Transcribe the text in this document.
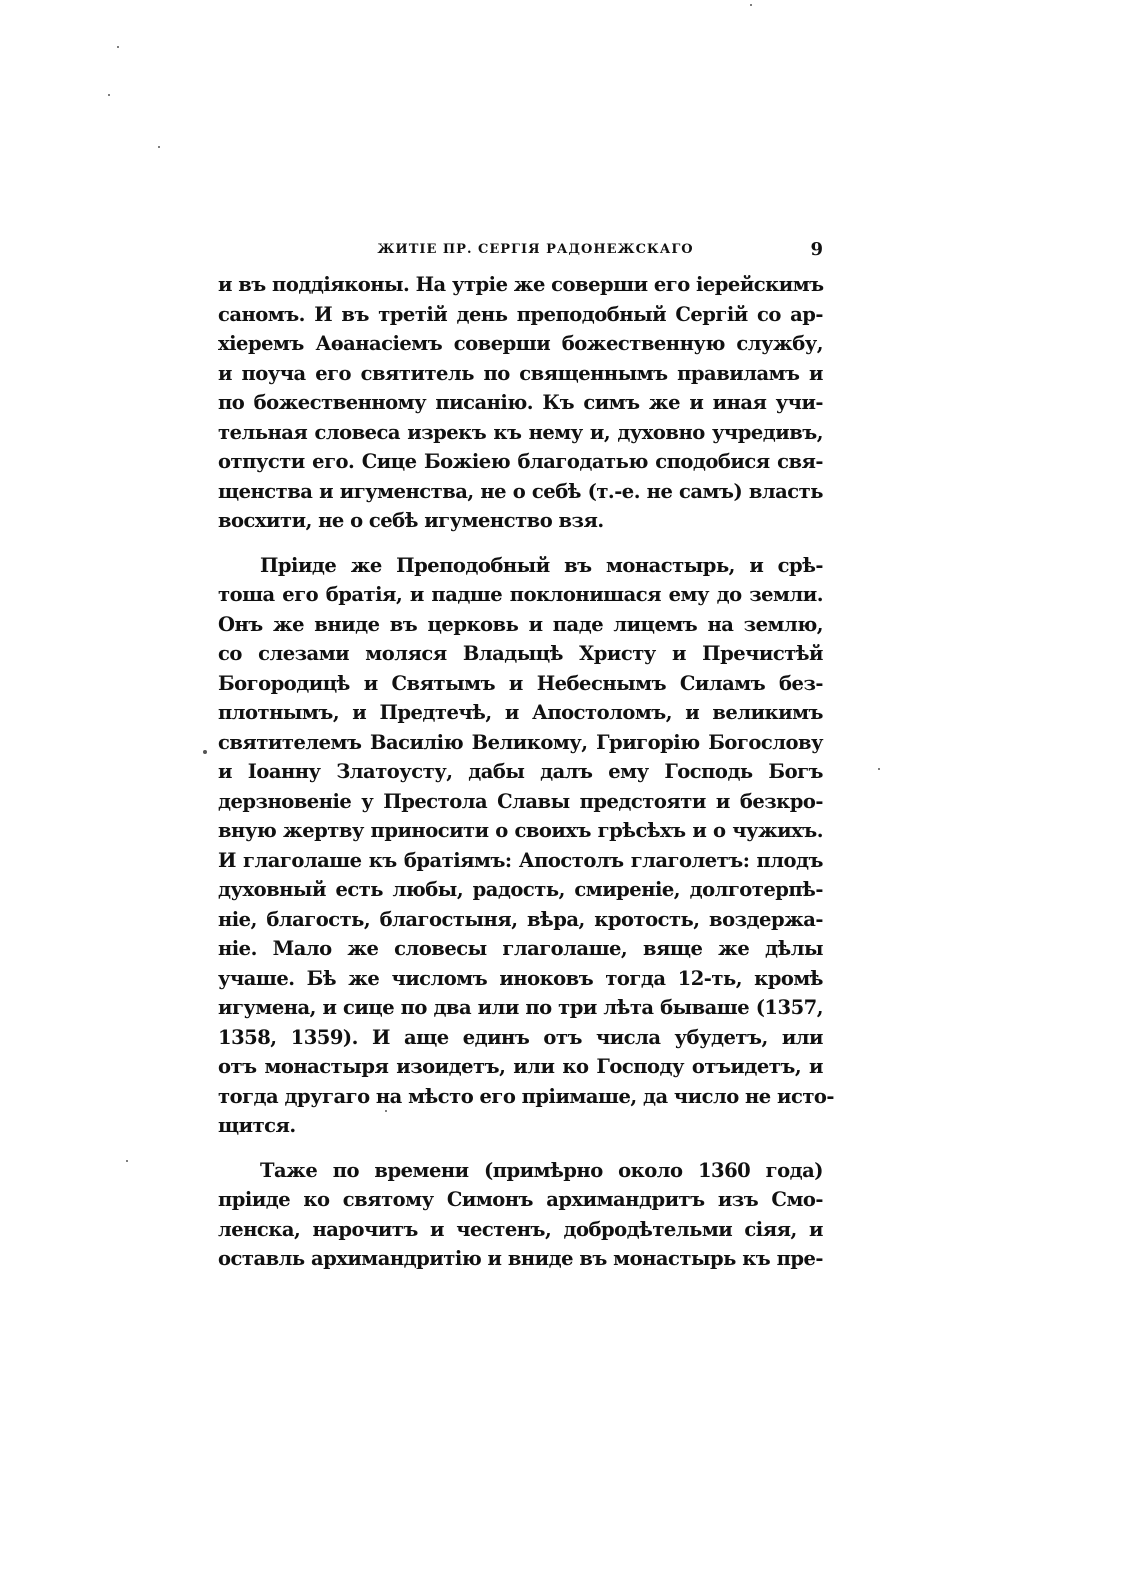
ЖИТІЕ ПР. СЕРГІЯ РАДОНЕЖСКАГО	9
и въ поддіяконы. На утріе же соверши его іерейскимъ
саномъ. И въ третій день преподобный Сергій со ар-
хіеремъ Аѳанасіемъ соверши божественную службу,
и поуча его святитель по священнымъ правиламъ и
по божественному писанію. Къ симъ же и иная учи-
тельная словеса изрекъ къ нему и, духовно учредивъ,
отпусти его. Сице Божіею благодатью сподобися свя-
щенства и игуменства, не о себѣ (т.-е. не самъ) власть
восхити, не о себѣ игуменство взя.
Пріиде же Преподобный въ монастырь, и срѣ-
тоша его братія, и падше поклонишася ему до земли.
Онъ же вниде въ церковь и паде лицемъ на землю,
со слезами моляся Владыцѣ Христу и Пречистѣй
Богородицѣ и Святымъ и Небеснымъ Силамъ без-
плотнымъ, и Предтечѣ, и Апостоломъ, и великимъ
святителемъ Василію Великому, Григорію Богослову
и Іоанну Златоусту, дабы далъ ему Господь Богъ
дерзновеніе у Престола Славы предстояти и безкро-
вную жертву приносити о своихъ грѣсѣхъ и о чужихъ.
И глаголаше къ братіямъ: Апостолъ глаголетъ: плодъ
духовный есть любы, радость, смиреніе, долготерпѣ-
ніе, благость, благостыня, вѣра, кротость, воздержа-
ніе. Мало же словесы глаголаше, вяще же дѣлы
учаше. Бѣ же числомъ иноковъ тогда 12-ть, кромѣ
игумена, и сице по два или по три лѣта бываше (1357,
1358, 1359). И аще единъ отъ числа убудетъ, или
отъ монастыря изоидетъ, или ко Господу отъидетъ, и
тогда другаго на мѣсто его пріимаше, да число не исто-
щится.
Таже по времени (примѣрно около 1360 года)
пріиде ко святому Симонъ архимандритъ изъ Смо-
ленска, нарочитъ и честенъ, добродѣтельми сіяя, и
оставль архимандритію и вниде въ монастырь къ пре-
